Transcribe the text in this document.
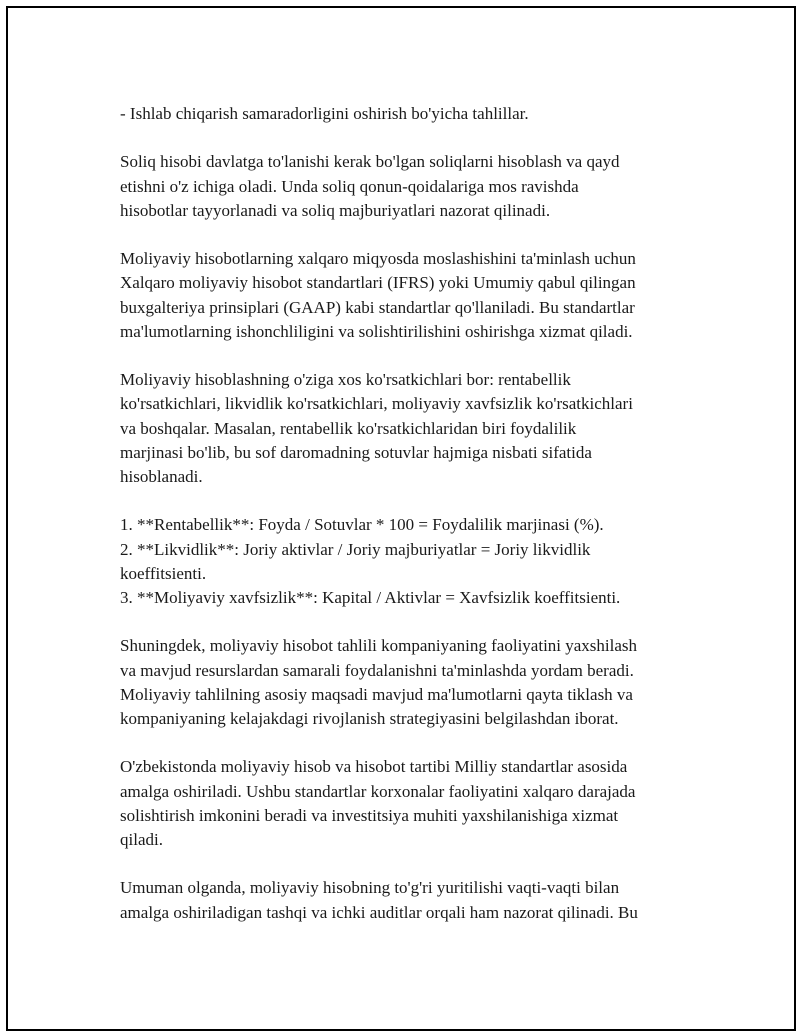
- Ishlab chiqarish samaradorligini oshirish bo'yicha tahlillar.

Soliq hisobi davlatga to'lanishi kerak bo'lgan soliqlarni hisoblash va qayd
etishni o'z ichiga oladi. Unda soliq qonun-qoidalariga mos ravishda
hisobotlar tayyorlanadi va soliq majburiyatlari nazorat qilinadi.

Moliyaviy hisobotlarning xalqaro miqyosda moslashishini ta'minlash uchun
Xalqaro moliyaviy hisobot standartlari (IFRS) yoki Umumiy qabul qilingan
buxgalteriya prinsiplari (GAAP) kabi standartlar qo'llaniladi. Bu standartlar
ma'lumotlarning ishonchliligini va solishtirilishini oshirishga xizmat qiladi.

Moliyaviy hisoblashning o'ziga xos ko'rsatkichlari bor: rentabellik
ko'rsatkichlari, likvidlik ko'rsatkichlari, moliyaviy xavfsizlik ko'rsatkichlari
va boshqalar. Masalan, rentabellik ko'rsatkichlaridan biri foydalilik
marjinasi bo'lib, bu sof daromadning sotuvlar hajmiga nisbati sifatida
hisoblanadi.

1. **Rentabellik**: Foyda / Sotuvlar * 100 = Foydalilik marjinasi (%).
2. **Likvidlik**: Joriy aktivlar / Joriy majburiyatlar = Joriy likvidlik
koeffitsienti.
3. **Moliyaviy xavfsizlik**: Kapital / Aktivlar = Xavfsizlik koeffitsienti.

Shuningdek, moliyaviy hisobot tahlili kompaniyaning faoliyatini yaxshilash
va mavjud resurslardan samarali foydalanishni ta'minlashda yordam beradi.
Moliyaviy tahlilning asosiy maqsadi mavjud ma'lumotlarni qayta tiklash va
kompaniyaning kelajakdagi rivojlanish strategiyasini belgilashdan iborat.

O'zbekistonda moliyaviy hisob va hisobot tartibi Milliy standartlar asosida
amalga oshiriladi. Ushbu standartlar korxonalar faoliyatini xalqaro darajada
solishtirish imkonini beradi va investitsiya muhiti yaxshilanishiga xizmat
qiladi.

Umuman olganda, moliyaviy hisobning to'g'ri yuritilishi vaqti-vaqti bilan
amalga oshiriladigan tashqi va ichki auditlar orqali ham nazorat qilinadi. Bu
